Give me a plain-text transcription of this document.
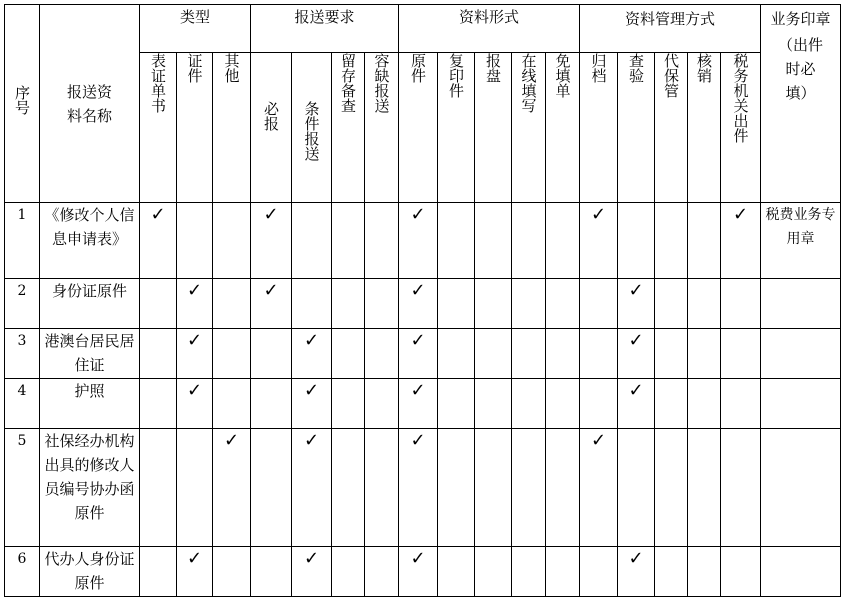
序号	报送资料名称	类型			报送要求				资料形式					资料管理方式					业务印章
（出件时必填）

		表证单书	证件	其他	必报	条件报送	留存备查	容缺报送	原件	复印件	报盘	在线填写	免填单	归档	查验	代保管	核销	税务机关出件	
1	《修改个人信息申请表》	✓			✓				✓					✓				✓	税费业务专用章
2	身份证原件		✓		✓				✓						✓				
3	港澳台居民居住证		✓			✓			✓						✓				
4	护照		✓			✓			✓						✓				
5	社保经办机构出具的修改人员编号协办函原件			✓		✓			✓					✓					
6	代办人身份证原件		✓			✓			✓						✓				
